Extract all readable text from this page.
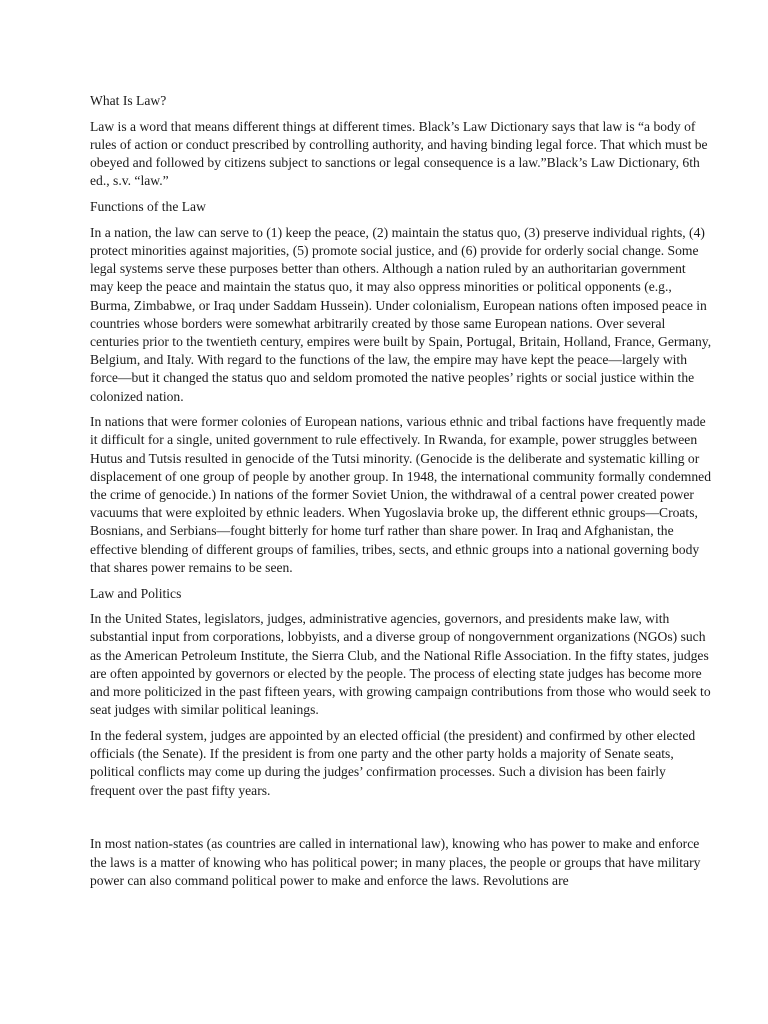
What Is Law?

Law is a word that means different things at different times. Black’s Law Dictionary says that law is “a body of rules of action or conduct prescribed by controlling authority, and having binding legal force. That which must be obeyed and followed by citizens subject to sanctions or legal consequence is a law.”Black’s Law Dictionary, 6th ed., s.v. “law.”

Functions of the Law

In a nation, the law can serve to (1) keep the peace, (2) maintain the status quo, (3) preserve individual rights, (4) protect minorities against majorities, (5) promote social justice, and (6) provide for orderly social change. Some legal systems serve these purposes better than others. Although a nation ruled by an authoritarian government may keep the peace and maintain the status quo, it may also oppress minorities or political opponents (e.g., Burma, Zimbabwe, or Iraq under Saddam Hussein). Under colonialism, European nations often imposed peace in countries whose borders were somewhat arbitrarily created by those same European nations. Over several centuries prior to the twentieth century, empires were built by Spain, Portugal, Britain, Holland, France, Germany, Belgium, and Italy. With regard to the functions of the law, the empire may have kept the peace—largely with force—but it changed the status quo and seldom promoted the native peoples’ rights or social justice within the colonized nation.

In nations that were former colonies of European nations, various ethnic and tribal factions have frequently made it difficult for a single, united government to rule effectively. In Rwanda, for example, power struggles between Hutus and Tutsis resulted in genocide of the Tutsi minority. (Genocide is the deliberate and systematic killing or displacement of one group of people by another group. In 1948, the international community formally condemned the crime of genocide.) In nations of the former Soviet Union, the withdrawal of a central power created power vacuums that were exploited by ethnic leaders. When Yugoslavia broke up, the different ethnic groups—Croats, Bosnians, and Serbians—fought bitterly for home turf rather than share power. In Iraq and Afghanistan, the effective blending of different groups of families, tribes, sects, and ethnic groups into a national governing body that shares power remains to be seen.

Law and Politics

In the United States, legislators, judges, administrative agencies, governors, and presidents make law, with substantial input from corporations, lobbyists, and a diverse group of nongovernment organizations (NGOs) such as the American Petroleum Institute, the Sierra Club, and the National Rifle Association. In the fifty states, judges are often appointed by governors or elected by the people. The process of electing state judges has become more and more politicized in the past fifteen years, with growing campaign contributions from those who would seek to seat judges with similar political leanings.

In the federal system, judges are appointed by an elected official (the president) and confirmed by other elected officials (the Senate). If the president is from one party and the other party holds a majority of Senate seats, political conflicts may come up during the judges’ confirmation processes. Such a division has been fairly frequent over the past fifty years.

In most nation-states (as countries are called in international law), knowing who has power to make and enforce the laws is a matter of knowing who has political power; in many places, the people or groups that have military power can also command political power to make and enforce the laws. Revolutions are
